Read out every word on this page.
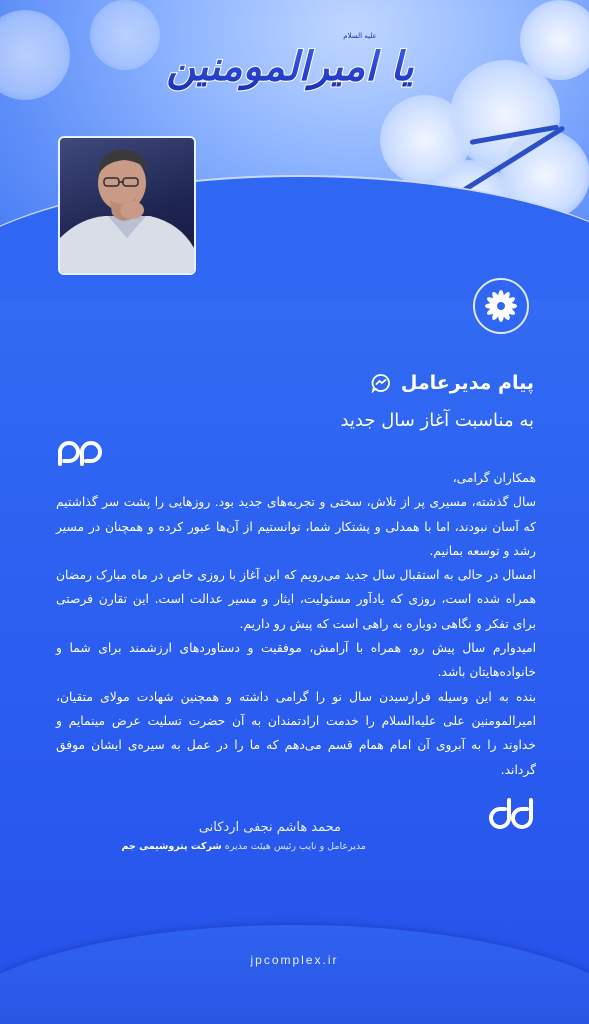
یا امیرالمومنین
علیه السلام
پیام مدیرعامل
به مناسبت آغاز سال جدید

همکاران گرامی،

سال گذشته، مسیری پر از تلاش، سختی و تجربه‌های جدید بود. روزهایی را پشت سر گذاشتیم که آسان نبودند، اما با همدلی و پشتکار شما، توانستیم از آن‌ها عبور کرده و همچنان در مسیر رشد و توسعه بمانیم.

امسال در حالی به استقبال سال جدید می‌رویم که این آغاز با روزی خاص در ماه مبارک رمضان همراه شده است، روزی که یادآور مسئولیت، ایثار و مسیر عدالت است. این تقارن فرصتی برای تفکر و نگاهی دوباره به راهی است که پیش رو داریم.

امیدوارم سال پیش رو، همراه با آرامش، موفقیت و دستاوردهای ارزشمند برای شما و خانواده‌هایتان باشد.

بنده به این وسیله فرارسیدن سال نو را گرامی داشته و همچنین شهادت مولای متقیان، امیرالمومنین علی علیه‌السلام را خدمت ارادتمندان به آن حضرت تسلیت عرض مینمایم و خداوند را به آبروی آن امام همام قسم می‌دهم که ما را در عمل به سیره‌ی ایشان موفق گرداند.

محمد هاشم نجفی اردکانی
مدیرعامل و نایب رئیس هیئت مدیره شرکت پتروشیمی جم
jpcomplex.ir
